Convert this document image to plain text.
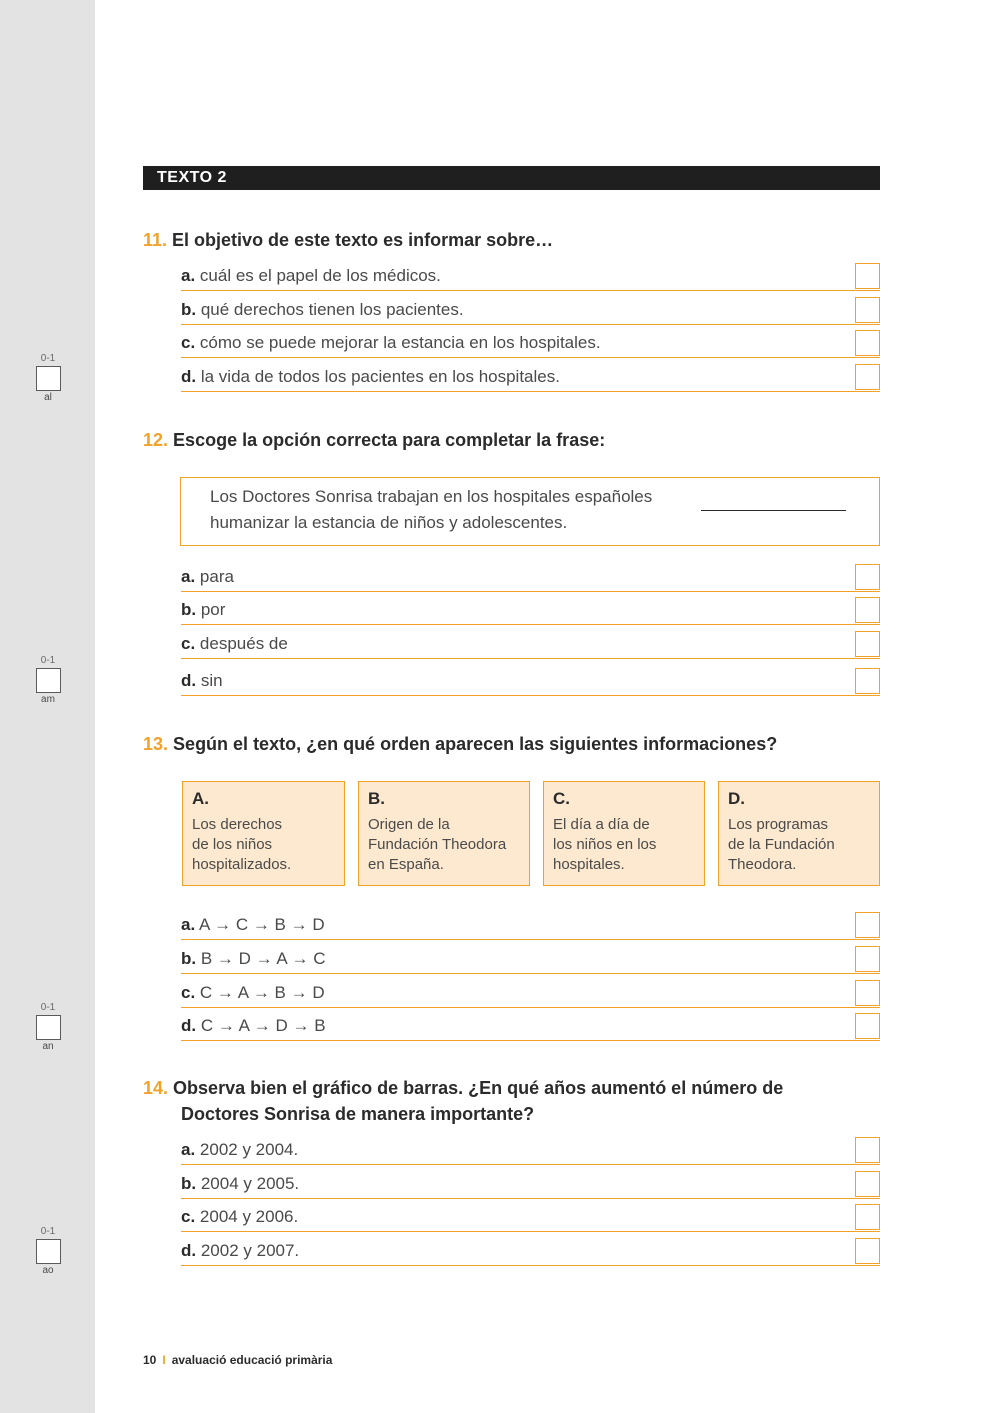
0-1
al
0-1
am
0-1
an
0-1
ao
TEXTO 2
11. El objetivo de este texto es informar sobre…
a. cuál es el papel de los médicos.
b. qué derechos tienen los pacientes.
c. cómo se puede mejorar la estancia en los hospitales.
d. la vida de todos los pacientes en los hospitales.
12. Escoge la opción correcta para completar la frase:
Los Doctores Sonrisa trabajan en los hospitales españoles
humanizar la estancia de niños y adolescentes.
a. para
b. por
c. después de
d. sin
13. Según el texto, ¿en qué orden aparecen las siguientes informaciones?
A.
Los derechos
de los niños
hospitalizados.
B.
Origen de la
Fundación Theodora
en España.
C.
El día a día de
los niños en los
hospitales.
D.
Los programas
de la Fundación
Theodora.
a. A → C → B → D
b. B → D → A → C
c. C → A → B → D
d. C → A → D → B
14. Observa bien el gráfico de barras. ¿En qué años aumentó el número de
Doctores Sonrisa de manera importante?
a. 2002 y 2004.
b. 2004 y 2005.
c. 2004 y 2006.
d. 2002 y 2007.
10 I avaluació educació primària
